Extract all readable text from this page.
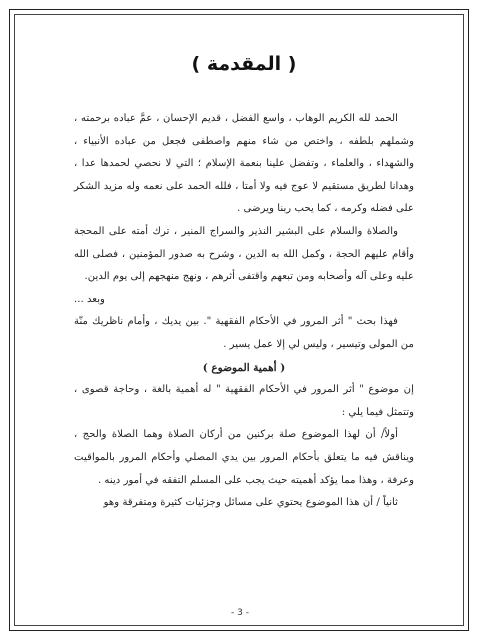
( المقدمة )

الحمد لله الكريم الوهاب ، واسع الفضل ، قديم الإحسان ، عمَّ عباده برحمته ، وشملهم بلطفه ، واختص من شاء منهم واصطفى فجعل من عباده الأنبياء ، والشهداء ، والعلماء ، وتفضل علينا بنعمة الإسلام ؛ التي لا نحصي لحمدها عدا ، وهدانا لطريق مستقيم لا عوج فيه ولا أمتا ، فلله الحمد على نعمه وله مزيد الشكر على فضله وكرمه ، كما يحب ربنا ويرضى .

والصلاة والسلام على البشير النذير والسراج المنير ، ترك أمته على المحجة وأقام عليهم الحجة ، وكمل الله به الدين ، وشرح به صدور المؤمنين ، فصلى الله عليه وعلى آله وأصحابه ومن تبعهم واقتفى أثرهم ، ونهج منهجهم إلى يوم الدين.

وبعد ...

فهذا بحث " أثر المرور في الأحكام الفقهية ". بين يديك ، وأمام ناظريك منّة من المولى وتيسير ، وليس لي إلا عمل يسير .

( أهمية الموضوع )

إن موضوع " أثر المرور في الأحكام الفقهية " له أهمية بالغة ، وحاجة قصوى ، وتتمثل فيما يلي :

أولاً/ أن لهذا الموضوع صلة بركنين من أركان الصلاة وهما الصلاة والحج ، ويناقش فيه ما يتعلق بأحكام المرور بين يدي المصلي وأحكام المرور بالمواقيت وعرفة ، وهذا مما يؤكد أهميته حيث يجب على المسلم التفقه في أمور دينه .

ثانياً / أن هذا الموضوع يحتوي على مسائل وجزئيات كثيرة ومتفرقة وهو

- 3 -
